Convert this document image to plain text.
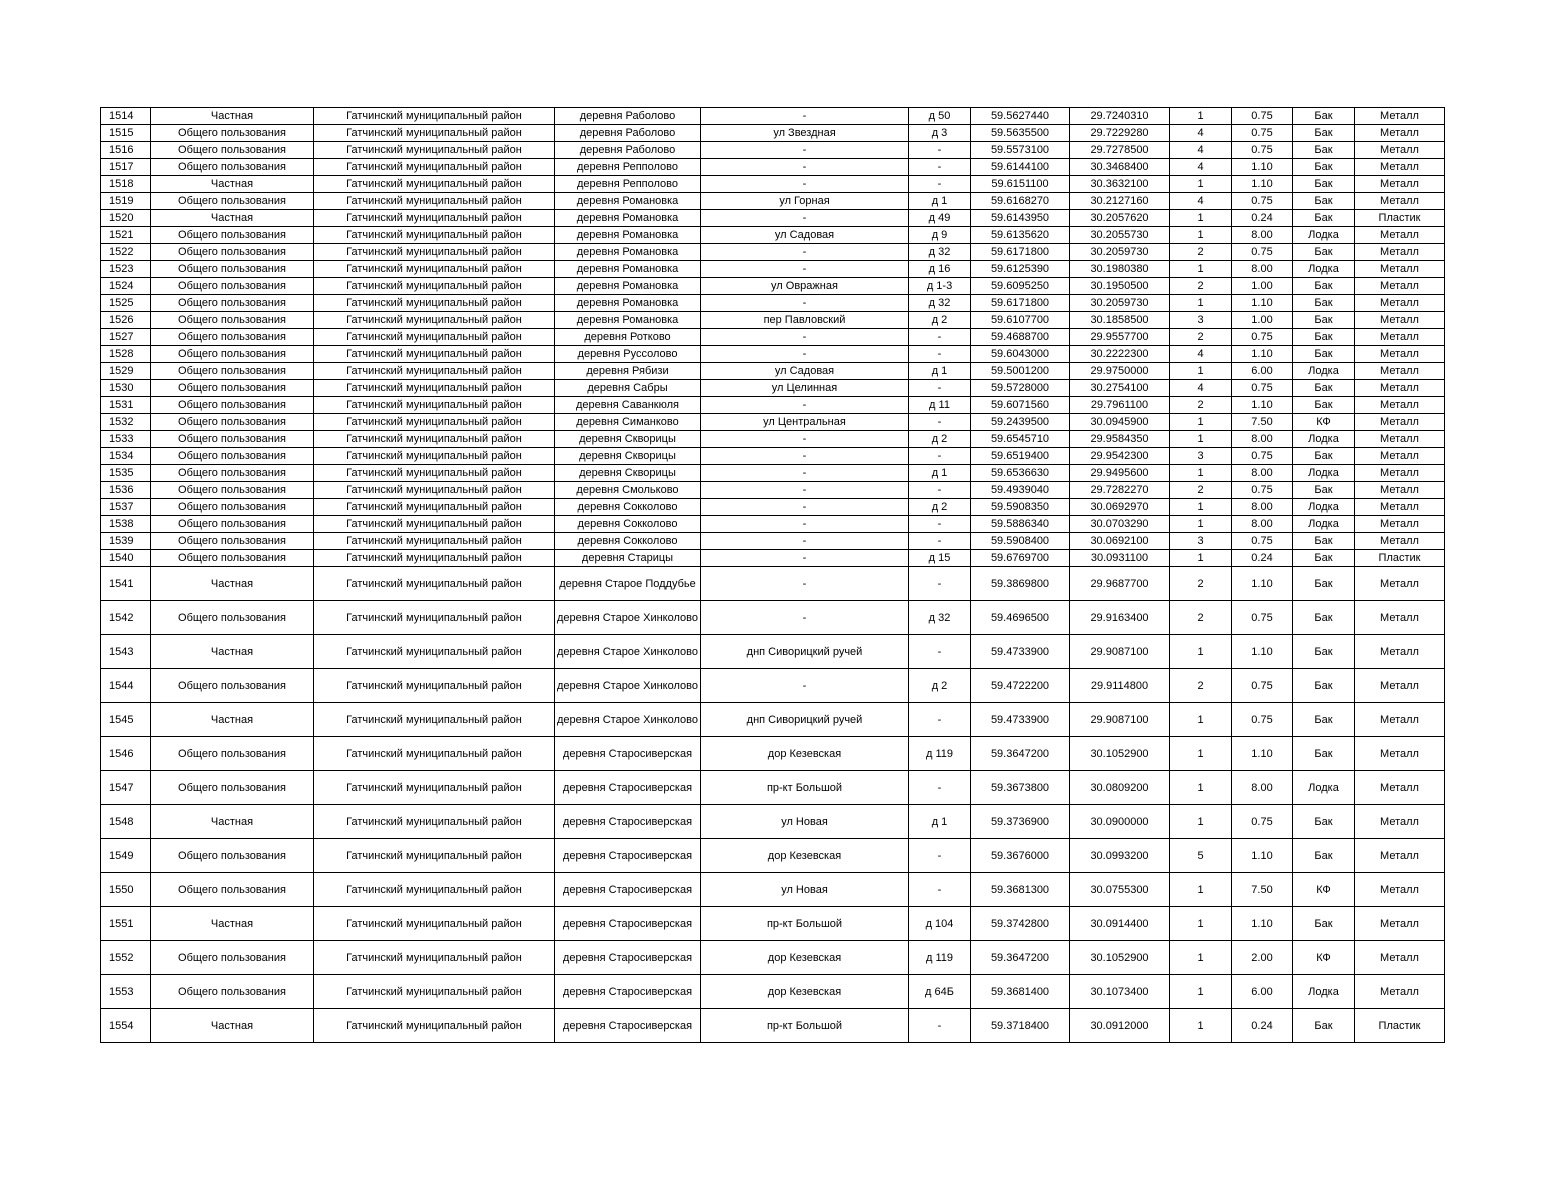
1514	Частная	Гатчинский муниципальный район	деревня Раболово	-	д 50	59.5627440	29.7240310	1	0.75	Бак	Металл
1515	Общего пользования	Гатчинский муниципальный район	деревня Раболово	ул Звездная	д 3	59.5635500	29.7229280	4	0.75	Бак	Металл
1516	Общего пользования	Гатчинский муниципальный район	деревня Раболово	-	-	59.5573100	29.7278500	4	0.75	Бак	Металл
1517	Общего пользования	Гатчинский муниципальный район	деревня Репполово	-	-	59.6144100	30.3468400	4	1.10	Бак	Металл
1518	Частная	Гатчинский муниципальный район	деревня Репполово	-	-	59.6151100	30.3632100	1	1.10	Бак	Металл
1519	Общего пользования	Гатчинский муниципальный район	деревня Романовка	ул Горная	д 1	59.6168270	30.2127160	4	0.75	Бак	Металл
1520	Частная	Гатчинский муниципальный район	деревня Романовка	-	д 49	59.6143950	30.2057620	1	0.24	Бак	Пластик
1521	Общего пользования	Гатчинский муниципальный район	деревня Романовка	ул Садовая	д 9	59.6135620	30.2055730	1	8.00	Лодка	Металл
1522	Общего пользования	Гатчинский муниципальный район	деревня Романовка	-	д 32	59.6171800	30.2059730	2	0.75	Бак	Металл
1523	Общего пользования	Гатчинский муниципальный район	деревня Романовка	-	д 16	59.6125390	30.1980380	1	8.00	Лодка	Металл
1524	Общего пользования	Гатчинский муниципальный район	деревня Романовка	ул Овражная	д 1-3	59.6095250	30.1950500	2	1.00	Бак	Металл
1525	Общего пользования	Гатчинский муниципальный район	деревня Романовка	-	д 32	59.6171800	30.2059730	1	1.10	Бак	Металл
1526	Общего пользования	Гатчинский муниципальный район	деревня Романовка	пер Павловский	д 2	59.6107700	30.1858500	3	1.00	Бак	Металл
1527	Общего пользования	Гатчинский муниципальный район	деревня Ротково	-	-	59.4688700	29.9557700	2	0.75	Бак	Металл
1528	Общего пользования	Гатчинский муниципальный район	деревня Руссолово	-	-	59.6043000	30.2222300	4	1.10	Бак	Металл
1529	Общего пользования	Гатчинский муниципальный район	деревня Рябизи	ул Садовая	д 1	59.5001200	29.9750000	1	6.00	Лодка	Металл
1530	Общего пользования	Гатчинский муниципальный район	деревня Сабры	ул Целинная	-	59.5728000	30.2754100	4	0.75	Бак	Металл
1531	Общего пользования	Гатчинский муниципальный район	деревня Саванкюля	-	д 11	59.6071560	29.7961100	2	1.10	Бак	Металл
1532	Общего пользования	Гатчинский муниципальный район	деревня Симанково	ул Центральная	-	59.2439500	30.0945900	1	7.50	КФ	Металл
1533	Общего пользования	Гатчинский муниципальный район	деревня Скворицы	-	д 2	59.6545710	29.9584350	1	8.00	Лодка	Металл
1534	Общего пользования	Гатчинский муниципальный район	деревня Скворицы	-	-	59.6519400	29.9542300	3	0.75	Бак	Металл
1535	Общего пользования	Гатчинский муниципальный район	деревня Скворицы	-	д 1	59.6536630	29.9495600	1	8.00	Лодка	Металл
1536	Общего пользования	Гатчинский муниципальный район	деревня Смольково	-	-	59.4939040	29.7282270	2	0.75	Бак	Металл
1537	Общего пользования	Гатчинский муниципальный район	деревня Сокколово	-	д 2	59.5908350	30.0692970	1	8.00	Лодка	Металл
1538	Общего пользования	Гатчинский муниципальный район	деревня Сокколово	-	-	59.5886340	30.0703290	1	8.00	Лодка	Металл
1539	Общего пользования	Гатчинский муниципальный район	деревня Сокколово	-	-	59.5908400	30.0692100	3	0.75	Бак	Металл
1540	Общего пользования	Гатчинский муниципальный район	деревня Старицы	-	д 15	59.6769700	30.0931100	1	0.24	Бак	Пластик
1541	Частная	Гатчинский муниципальный район	деревня Старое Поддубье	-	-	59.3869800	29.9687700	2	1.10	Бак	Металл
1542	Общего пользования	Гатчинский муниципальный район	деревня Старое Хинколово	-	д 32	59.4696500	29.9163400	2	0.75	Бак	Металл
1543	Частная	Гатчинский муниципальный район	деревня Старое Хинколово	днп Сиворицкий ручей	-	59.4733900	29.9087100	1	1.10	Бак	Металл
1544	Общего пользования	Гатчинский муниципальный район	деревня Старое Хинколово	-	д 2	59.4722200	29.9114800	2	0.75	Бак	Металл
1545	Частная	Гатчинский муниципальный район	деревня Старое Хинколово	днп Сиворицкий ручей	-	59.4733900	29.9087100	1	0.75	Бак	Металл
1546	Общего пользования	Гатчинский муниципальный район	деревня Старосиверская	дор Кезевская	д 119	59.3647200	30.1052900	1	1.10	Бак	Металл
1547	Общего пользования	Гатчинский муниципальный район	деревня Старосиверская	пр-кт Большой	-	59.3673800	30.0809200	1	8.00	Лодка	Металл
1548	Частная	Гатчинский муниципальный район	деревня Старосиверская	ул Новая	д 1	59.3736900	30.0900000	1	0.75	Бак	Металл
1549	Общего пользования	Гатчинский муниципальный район	деревня Старосиверская	дор Кезевская	-	59.3676000	30.0993200	5	1.10	Бак	Металл
1550	Общего пользования	Гатчинский муниципальный район	деревня Старосиверская	ул Новая	-	59.3681300	30.0755300	1	7.50	КФ	Металл
1551	Частная	Гатчинский муниципальный район	деревня Старосиверская	пр-кт Большой	д 104	59.3742800	30.0914400	1	1.10	Бак	Металл
1552	Общего пользования	Гатчинский муниципальный район	деревня Старосиверская	дор Кезевская	д 119	59.3647200	30.1052900	1	2.00	КФ	Металл
1553	Общего пользования	Гатчинский муниципальный район	деревня Старосиверская	дор Кезевская	д 64Б	59.3681400	30.1073400	1	6.00	Лодка	Металл
1554	Частная	Гатчинский муниципальный район	деревня Старосиверская	пр-кт Большой	-	59.3718400	30.0912000	1	0.24	Бак	Пластик
